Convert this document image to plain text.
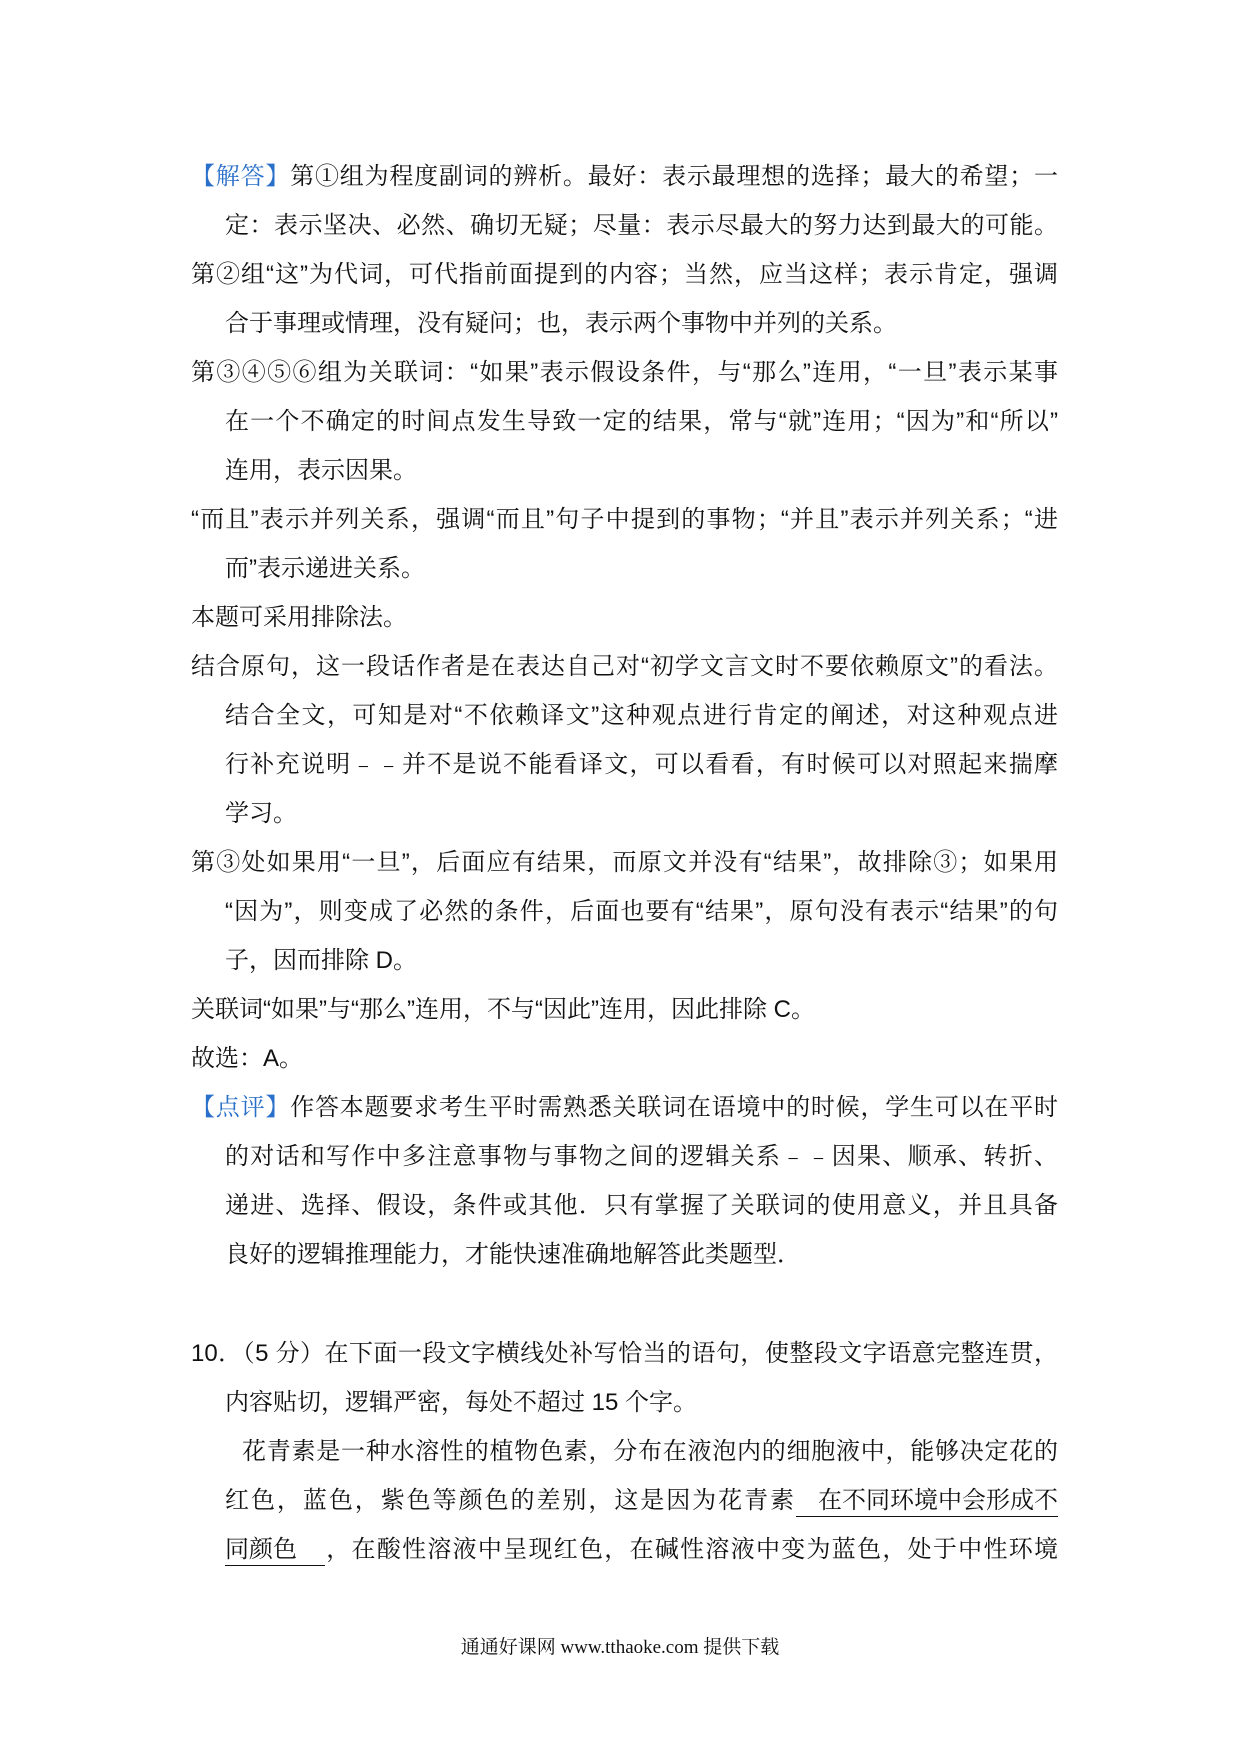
【解答】第①组为程度副词的辨析。最好：表示最理想的选择；最大的希望；一
定：表示坚决、必然、确切无疑；尽量：表示尽最大的努力达到最大的可能。
第②组“这”为代词，可代指前面提到的内容；当然，应当这样；表示肯定，强调
合于事理或情理，没有疑问；也，表示两个事物中并列的关系。
第③④⑤⑥组为关联词：“如果”表示假设条件，与“那么”连用，“一旦”表示某事
在一个不确定的时间点发生导致一定的结果，常与“就”连用；“因为”和“所以”
连用，表示因果。
“而且”表示并列关系，强调“而且”句子中提到的事物；“并且”表示并列关系；“进
而”表示递进关系。
本题可采用排除法。
结合原句，这一段话作者是在表达自己对“初学文言文时不要依赖原文”的看法。
结合全文，可知是对“不依赖译文”这种观点进行肯定的阐述，对这种观点进
行补充说明﹣﹣并不是说不能看译文，可以看看，有时候可以对照起来揣摩
学习。
第③处如果用“一旦”，后面应有结果，而原文并没有“结果”，故排除③；如果用
“因为”，则变成了必然的条件，后面也要有“结果”，原句没有表示“结果”的句
子，因而排除 D。
关联词“如果”与“那么”连用，不与“因此”连用，因此排除 C。
故选：A。
【点评】作答本题要求考生平时需熟悉关联词在语境中的时候，学生可以在平时
的对话和写作中多注意事物与事物之间的逻辑关系﹣﹣因果、顺承、转折、
递进、选择、假设，条件或其他．只有掌握了关联词的使用意义，并且具备
良好的逻辑推理能力，才能快速准确地解答此类题型．
10．（5 分）在下面一段文字横线处补写恰当的语句，使整段文字语意完整连贯，
内容贴切，逻辑严密，每处不超过 15 个字。
花青素是一种水溶性的植物色素，分布在液泡内的细胞液中，能够决定花的
红色，蓝色，紫色等颜色的差别，这是因为花青素 在不同环境中会形成不
同颜色 ，在酸性溶液中呈现红色，在碱性溶液中变为蓝色，处于中性环境
通通好课网 www.tthaoke.com 提供下载
